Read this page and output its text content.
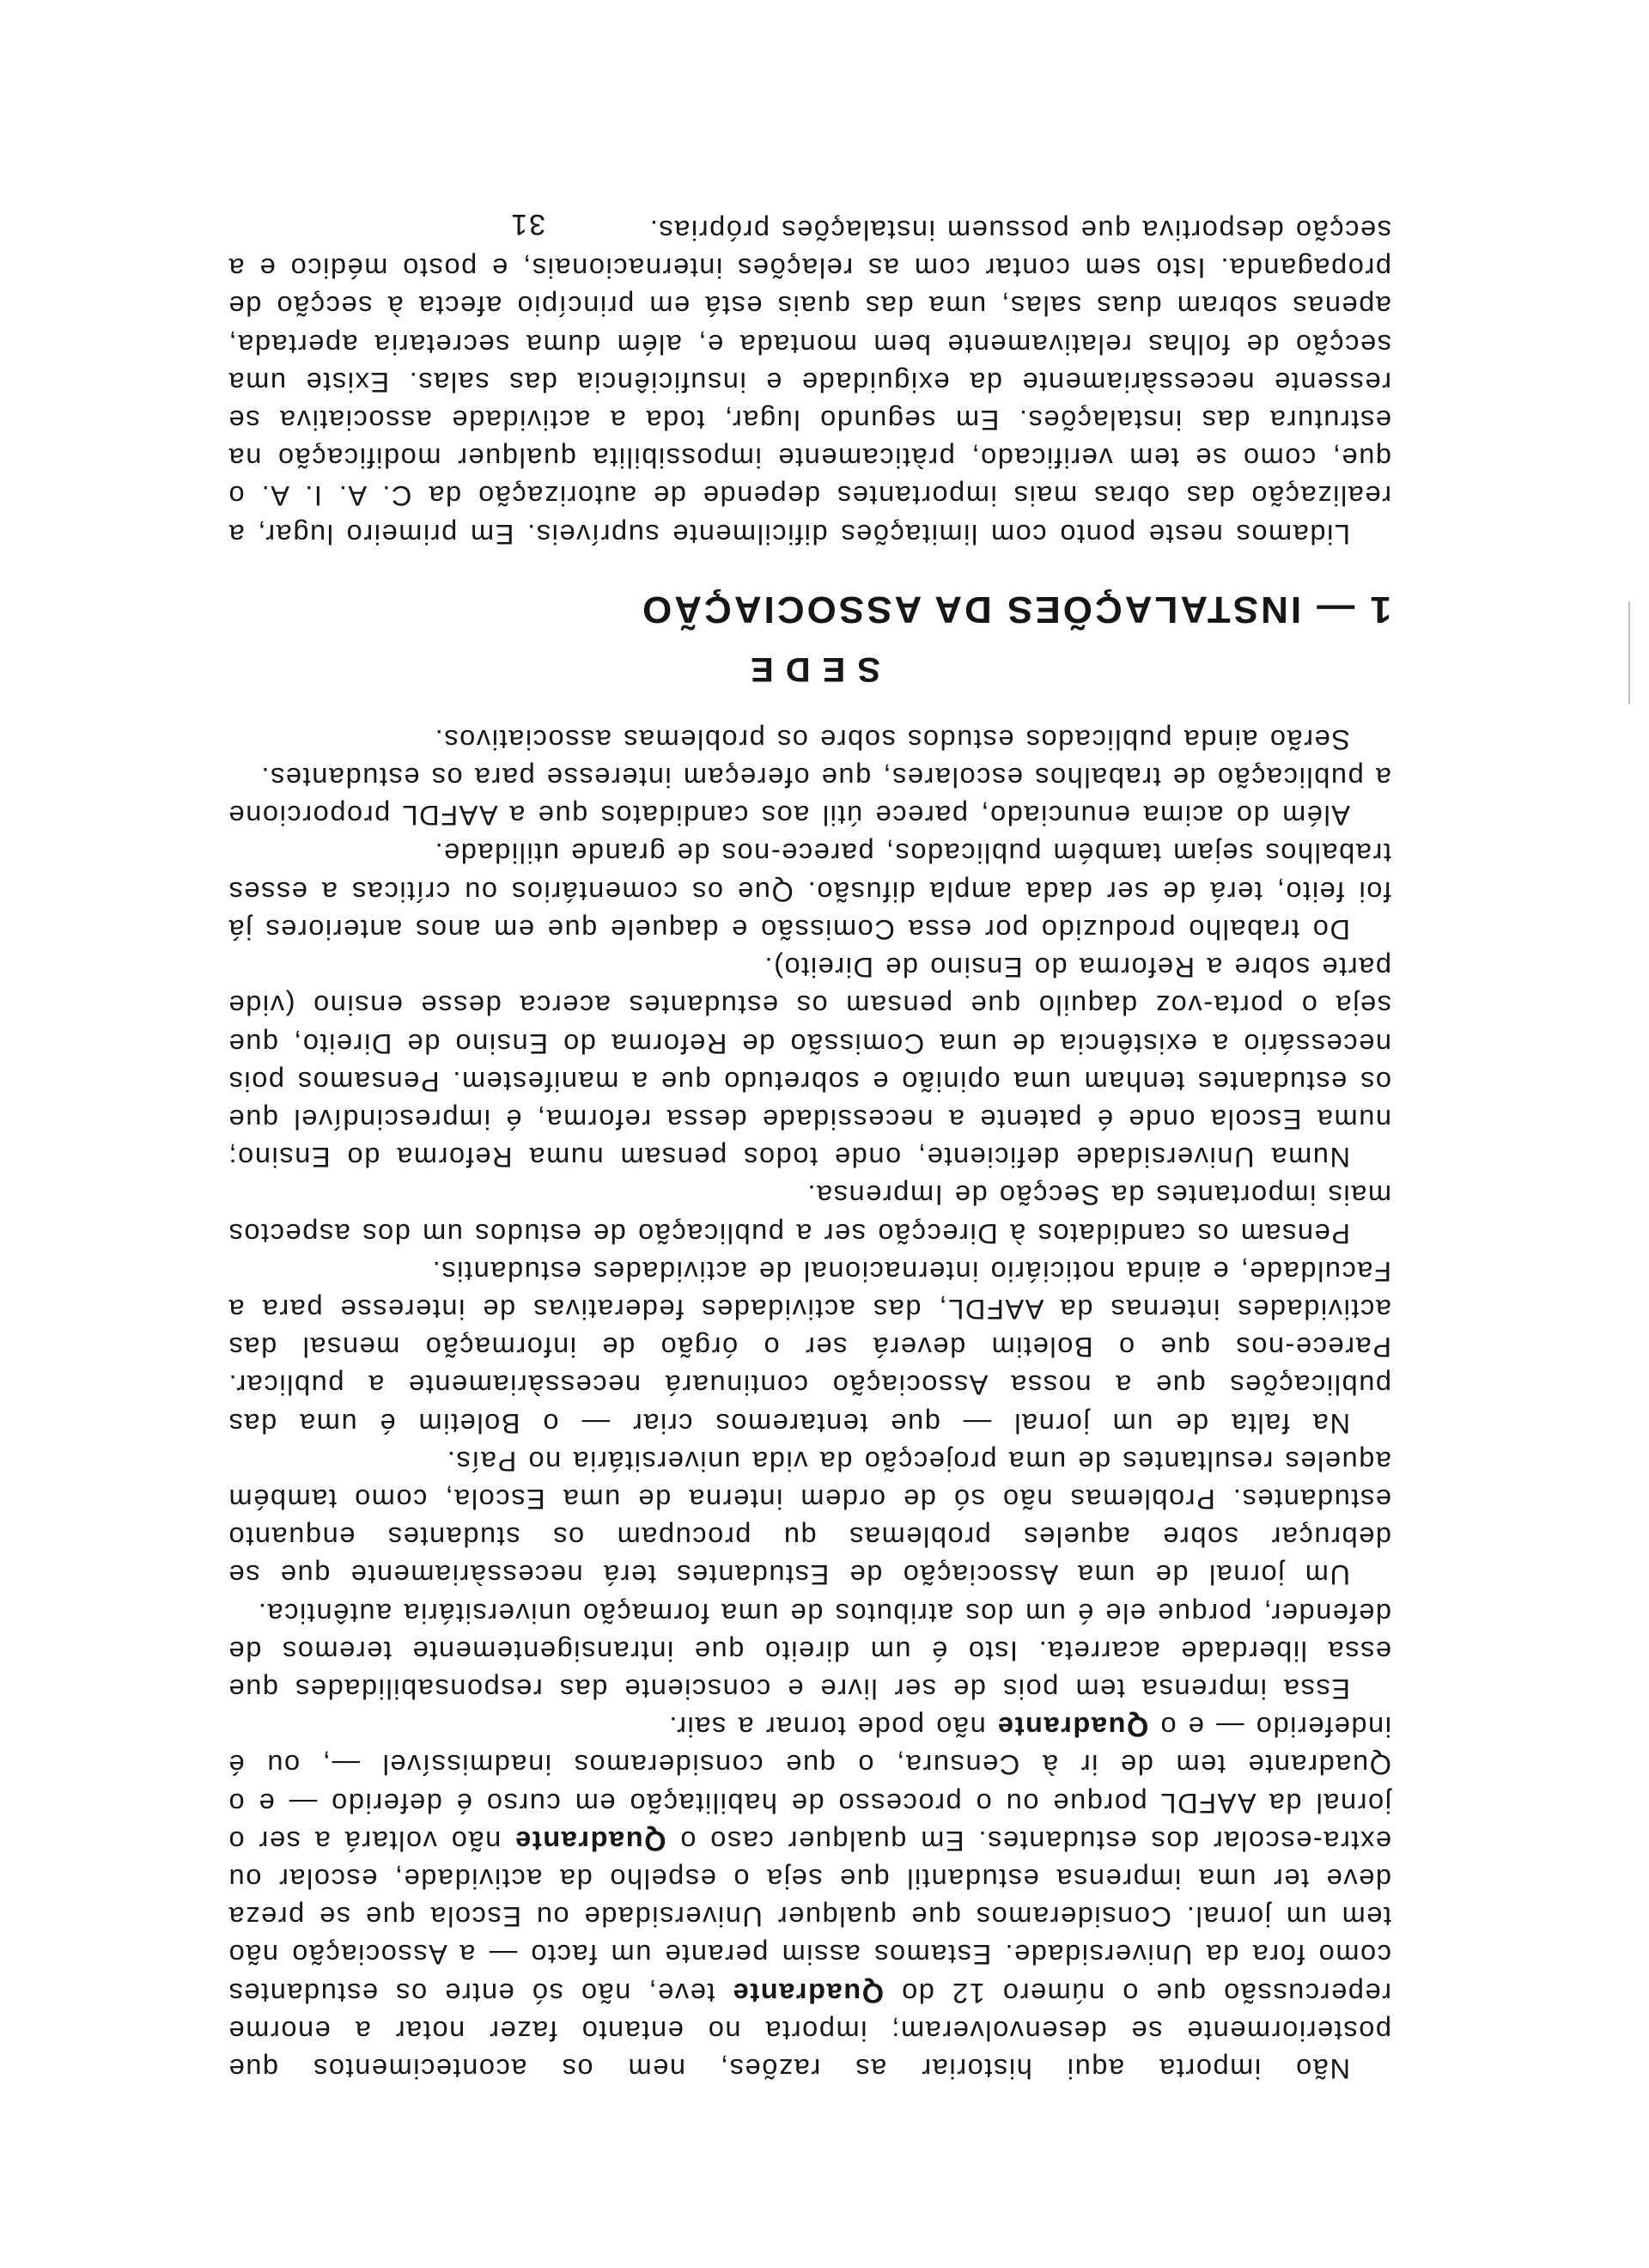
Não importa aqui historiar as razões, nem os acontecimentos que posteriormente se desenvolveram; importa no entanto fazer notar a enorme repercussão que o número 12 do Quadrante teve, não só entre os estudantes como fora da Universidade. Estamos assim perante um facto — a Associação não tem um jornal. Consideramos que qualquer Universidade ou Escola que se preza deve ter uma imprensa estudantil que seja o espelho da actividade, escolar ou extra-escolar dos estudantes. Em qualquer caso o Quadrante não voltará a ser o jornal da AAFDL porque ou o processo de habilitação em curso é deferido — e o Quadrante tem de ir à Censura, o que consideramos inadmissível —, ou é indeferido — e o Quadrante não pode tornar a sair.

Essa imprensa tem pois de ser livre e consciente das responsabilidades que essa liberdade acarreta. Isto é um direito que intransigentemente teremos de defender, porque ele é um dos atributos de uma formação universitária autêntica.

Um jornal de uma Associação de Estudantes terá necessàriamente que se debruçar sobre aqueles problemas qu procupam os studantes enquanto estudantes. Problemas não só de ordem interna de uma Escola, como também aqueles resultantes de uma projecção da vida universitária no País.

Na falta de um jornal — que tentaremos criar — o Boletim é uma das publicações que a nossa Associação continuará necessàriamente a publicar. Parece-nos que o Boletim deverá ser o órgão de informação mensal das actividades internas da AAFDL, das actividades federativas de interesse para a Faculdade, e ainda noticiário internacional de actividades estudantis.

Pensam os candidatos à Direcção ser a publicação de estudos um dos aspectos mais importantes da Secção de Imprensa.

Numa Universidade deficiente, onde todos pensam numa Reforma do Ensino; numa Escola onde é patente a necessidade dessa reforma, é imprescindível que os estudantes tenham uma opinião e sobretudo que a manifestem. Pensamos pois necessário a existência de uma Comissão de Reforma do Ensino de Direito, que seja o porta-voz daquilo que pensam os estudantes acerca desse ensino (vide parte sobre a Reforma do Ensino de Direito).

Do trabalho produzido por essa Comissão e daquele que em anos anteriores já foi feito, terá de ser dada ampla difusão. Que os comentários ou críticas a esses trabalhos sejam também publicados, parece-nos de grande utilidade.

Além do acima enunciado, parece útil aos candidatos que a AAFDL proporcione a publicação de trabalhos escolares, que ofereçam interesse para os estudantes.

Serão ainda publicados estudos sobre os problemas associativos.

SEDE
1 — INSTALAÇÕES DA ASSOCIAÇÃO

Lidamos neste ponto com limitações dificilmente supríveis. Em primeiro lugar, a realização das obras mais importantes depende de autorização da C. A. I. A. o que, como se tem verificado, pràticamente impossibilita qualquer modificação na estrutura das instalações. Em segundo lugar, toda a actividade associativa se ressente necessàriamente da exiguidade e insuficiência das salas. Existe uma secção de folhas relativamente bem montada e, além duma secretaria apertada, apenas sobram duas salas, uma das quais está em princípio afecta à secção de propaganda. Isto sem contar com as relações internacionais, e posto médico e a secção desportiva que possuem instalações próprias.

31
